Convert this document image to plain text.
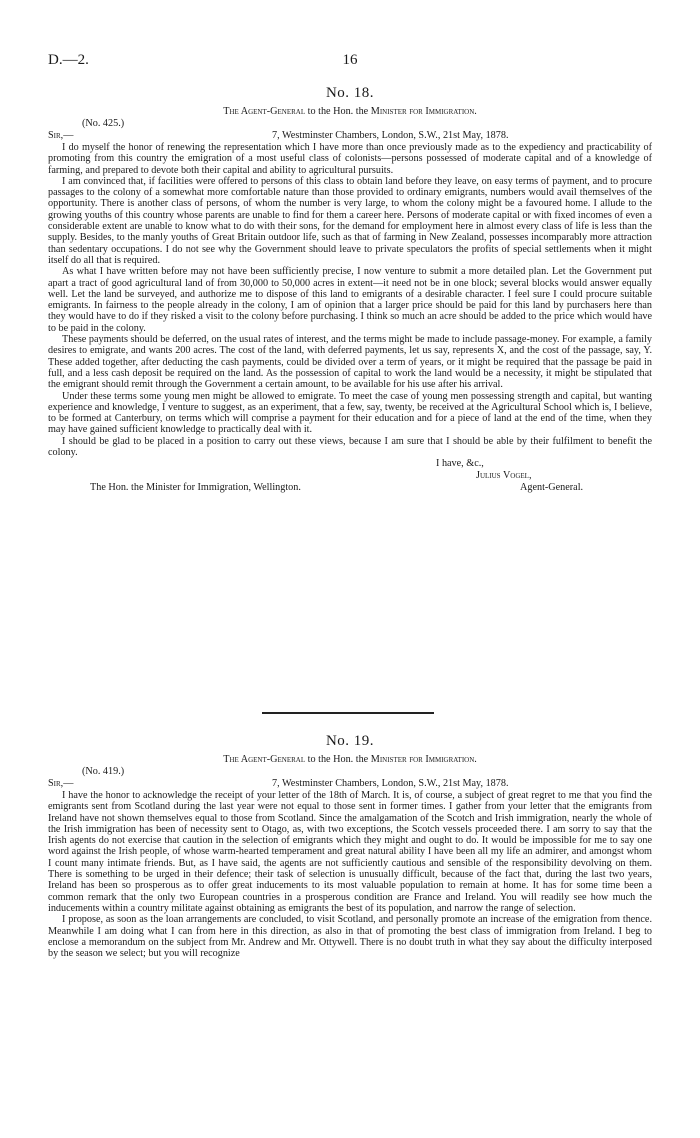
D.—2.	16
No. 18.
The Agent-General to the Hon. the Minister for Immigration.
(No. 425.)
Sir,—	7, Westminster Chambers, London, S.W., 21st May, 1878.

I do myself the honor of renewing the representation which I have more than once previously made as to the expediency and practicability of promoting from this country the emigration of a most useful class of colonists—persons possessed of moderate capital and of a knowledge of farming, and prepared to devote both their capital and ability to agricultural pursuits.

I am convinced that, if facilities were offered to persons of this class to obtain land before they leave, on easy terms of payment, and to procure passages to the colony of a somewhat more comfortable nature than those provided to ordinary emigrants, numbers would avail themselves of the opportunity. There is another class of persons, of whom the number is very large, to whom the colony might be a favoured home. I allude to the growing youths of this country whose parents are unable to find for them a career here. Persons of moderate capital or with fixed incomes of even a considerable extent are unable to know what to do with their sons, for the demand for employment here in almost every class of life is less than the supply. Besides, to the manly youths of Great Britain outdoor life, such as that of farming in New Zealand, possesses incomparably more attraction than sedentary occupations. I do not see why the Government should leave to private speculators the profits of special settlements when it might itself do all that is required.

As what I have written before may not have been sufficiently precise, I now venture to submit a more detailed plan. Let the Government put apart a tract of good agricultural land of from 30,000 to 50,000 acres in extent—it need not be in one block; several blocks would answer equally well. Let the land be surveyed, and authorize me to dispose of this land to emigrants of a desirable character. I feel sure I could procure suitable emigrants. In fairness to the people already in the colony, I am of opinion that a larger price should be paid for this land by purchasers here than they would have to do if they risked a visit to the colony before purchasing. I think so much an acre should be added to the price which would have to be paid in the colony.

These payments should be deferred, on the usual rates of interest, and the terms might be made to include passage-money. For example, a family desires to emigrate, and wants 200 acres. The cost of the land, with deferred payments, let us say, represents X, and the cost of the passage, say, Y. These added together, after deducting the cash payments, could be divided over a term of years, or it might be required that the passage be paid in full, and a less cash deposit be required on the land. As the possession of capital to work the land would be a necessity, it might be stipulated that the emigrant should remit through the Government a certain amount, to be available for his use after his arrival.

Under these terms some young men might be allowed to emigrate. To meet the case of young men possessing strength and capital, but wanting experience and knowledge, I venture to suggest, as an experiment, that a few, say, twenty, be received at the Agricultural School which is, I believe, to be formed at Canterbury, on terms which will comprise a payment for their education and for a piece of land at the end of the time, when they may have gained sufficient knowledge to practically deal with it.

I should be glad to be placed in a position to carry out these views, because I am sure that I should be able by their fulfilment to benefit the colony.

I have, &c.,
Julius Vogel,
Agent-General.
The Hon. the Minister for Immigration, Wellington.
No. 19.
The Agent-General to the Hon. the Minister for Immigration.
(No. 419.)
Sir,—	7, Westminster Chambers, London, S.W., 21st May, 1878.

I have the honor to acknowledge the receipt of your letter of the 18th of March. It is, of course, a subject of great regret to me that you find the emigrants sent from Scotland during the last year were not equal to those sent in former times. I gather from your letter that the emigrants from Ireland have not shown themselves equal to those from Scotland. Since the amalgamation of the Scotch and Irish immigration, nearly the whole of the Irish immigration has been of necessity sent to Otago, as, with two exceptions, the Scotch vessels proceeded there. I am sorry to say that the Irish agents do not exercise that caution in the selection of emigrants which they might and ought to do. It would be impossible for me to say one word against the Irish people, of whose warm-hearted temperament and great natural ability I have been all my life an admirer, and amongst whom I count many intimate friends. But, as I have said, the agents are not sufficiently cautious and sensible of the responsibility devolving on them. There is something to be urged in their defence; their task of selection is unusually difficult, because of the fact that, during the last two years, Ireland has been so prosperous as to offer great inducements to its most valuable population to remain at home. It has for some time been a common remark that the only two European countries in a prosperous condition are France and Ireland. You will readily see how much the inducements within a country militate against obtaining as emigrants the best of its population, and narrow the range of selection.

I propose, as soon as the loan arrangements are concluded, to visit Scotland, and personally promote an increase of the emigration from thence. Meanwhile I am doing what I can from here in this direction, as also in that of promoting the best class of immigration from Ireland. I beg to enclose a memorandum on the subject from Mr. Andrew and Mr. Ottywell. There is no doubt truth in what they say about the difficulty interposed by the season we select; but you will recognize
